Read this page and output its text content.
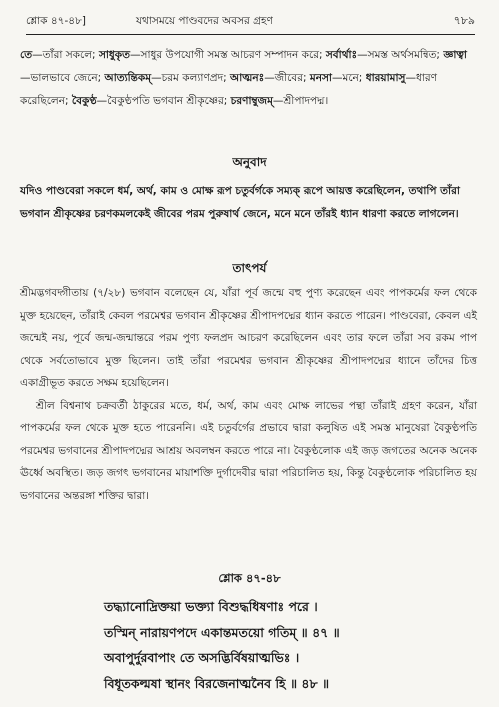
শ্লোক ৪৭-৪৮]	যথাসময়ে পাণ্ডবদের অবসর গ্রহণ	৭৮৯
তে—তাঁরা সকলে; সাধুকৃত—সাধুর উপযোগী সমস্ত আচরণ সম্পাদন করে; সর্বার্থাঃ—সমস্ত অর্থসমন্বিত; জ্ঞাত্বা—ভালভাবে জেনে; আত্যন্তিকম্—চরম কল্যাণপ্রদ; আত্মনঃ—জীবের; মনসা—মনে; ধারয়ামাসু—ধারণ করেছিলেন; বৈকুণ্ঠ—বৈকুণ্ঠপতি ভগবান শ্রীকৃষ্ণের; চরণাম্বুজম্—শ্রীপাদপদ্ম।
অনুবাদ
যদিও পাণ্ডবেরা সকলে ধর্ম, অর্থ, কাম ও মোক্ষ রূপ চতুর্বর্গকে সম্যক্ রূপে আয়ত্ত করেছিলেন, তথাপি তাঁরা ভগবান শ্রীকৃষ্ণের চরণকমলকেই জীবের পরম পুরুষার্থ জেনে, মনে মনে তাঁরই ধ্যান ধারণা করতে লাগলেন।
তাৎপর্য
শ্রীমদ্ভগবদ্গীতায় (৭/২৮) ভগবান বলেছেন যে, যাঁরা পূর্ব জন্মে বহু পুণ্য করেছেন এবং পাপকর্মের ফল থেকে মুক্ত হয়েছেন, তাঁরাই কেবল পরমেশ্বর ভগবান শ্রীকৃষ্ণের শ্রীপাদপদ্মের ধ্যান করতে পারেন। পাণ্ডবেরা, কেবল এই জন্মেই নয়, পূর্বে জন্ম-জন্মান্তরে পরম পুণ্য ফলপ্রদ আচরণ করেছিলেন এবং তার ফলে তাঁরা সব রকম পাপ থেকে সর্বতোভাবে মুক্ত ছিলেন। তাই তাঁরা পরমেশ্বর ভগবান শ্রীকৃষ্ণের শ্রীপাদপদ্মের ধ্যানে তাঁদের চিত্ত একাগ্রীভূত করতে সক্ষম হয়েছিলেন।
শ্রীল বিশ্বনাথ চক্রবর্তী ঠাকুরের মতে, ধর্ম, অর্থ, কাম এবং মোক্ষ লাভের পন্থা তাঁরাই গ্রহণ করেন, যাঁরা পাপকর্মের ফল থেকে মুক্ত হতে পারেননি। এই চতুর্বর্গের প্রভাবে দ্বারা কলুষিত এই সমস্ত মানুষেরা বৈকুণ্ঠপতি পরমেশ্বর ভগবানের শ্রীপাদপদ্মের আশ্রয় অবলম্বন করতে পারে না। বৈকুণ্ঠলোক এই জড় জগতের অনেক অনেক ঊর্ধ্বে অবস্থিত। জড় জগৎ ভগবানের মায়াশক্তি দুর্গাদেবীর দ্বারা পরিচালিত হয়, কিন্তু বৈকুণ্ঠলোক পরিচালিত হয় ভগবানের অন্তরঙ্গা শক্তির দ্বারা।
শ্লোক ৪৭-৪৮
তদ্ধ্যানোদ্রিক্তয়া ভক্ত্যা বিশুদ্ধধিষণাঃ পরে ।
তস্মিন্ নারায়ণপদে একান্তমতয়ো গতিম্ ॥ ৪৭ ॥
অবাপুর্দুরবাপাং তে অসদ্ভির্বিষয়াত্মভিঃ ।
বিধূতকল্মষা স্থানং বিরজেনাত্মনৈব হি ॥ ৪৮ ॥
